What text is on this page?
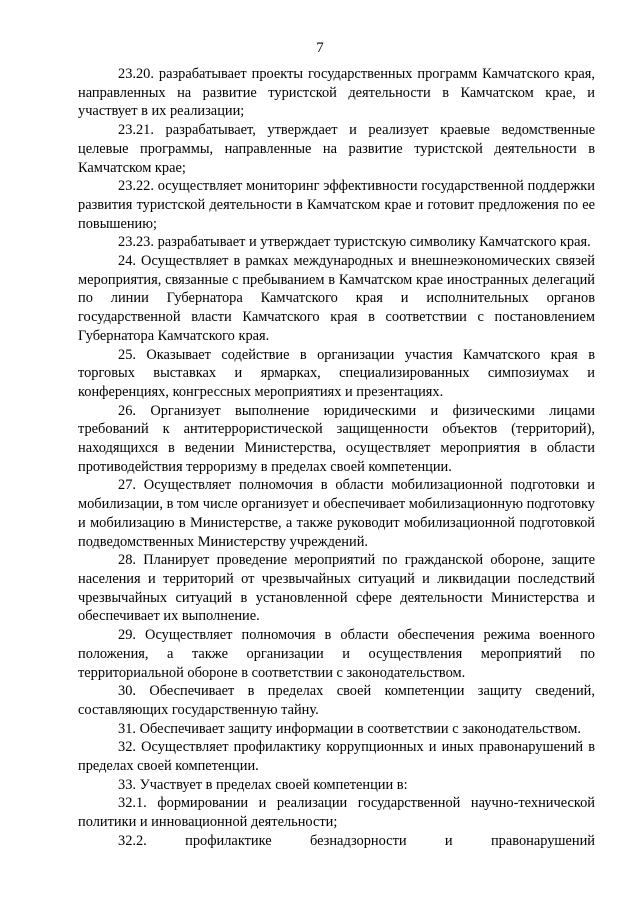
7

23.20. разрабатывает проекты государственных программ Камчатского края, направленных на развитие туристской деятельности в Камчатском крае, и участвует в их реализации;

23.21. разрабатывает, утверждает и реализует краевые ведомственные целевые программы, направленные на развитие туристской деятельности в Камчатском крае;

23.22. осуществляет мониторинг эффективности государственной поддержки развития туристской деятельности в Камчатском крае и готовит предложения по ее повышению;

23.23. разрабатывает и утверждает туристскую символику Камчатского края.

24. Осуществляет в рамках международных и внешнеэкономических связей мероприятия, связанные с пребыванием в Камчатском крае иностранных делегаций по линии Губернатора Камчатского края и исполнительных органов государственной власти Камчатского края в соответствии с постановлением Губернатора Камчатского края.

25. Оказывает содействие в организации участия Камчатского края в торговых выставках и ярмарках, специализированных симпозиумах и конференциях, конгрессных мероприятиях и презентациях.

26. Организует выполнение юридическими и физическими лицами требований к антитеррористической защищенности объектов (территорий), находящихся в ведении Министерства, осуществляет мероприятия в области противодействия терроризму в пределах своей компетенции.

27. Осуществляет полномочия в области мобилизационной подготовки и мобилизации, в том числе организует и обеспечивает мобилизационную подготовку и мобилизацию в Министерстве, а также руководит мобилизационной подготовкой подведомственных Министерству учреждений.

28. Планирует проведение мероприятий по гражданской обороне, защите населения и территорий от чрезвычайных ситуаций и ликвидации последствий чрезвычайных ситуаций в установленной сфере деятельности Министерства и обеспечивает их выполнение.

29. Осуществляет полномочия в области обеспечения режима военного положения, а также организации и осуществления мероприятий по территориальной обороне в соответствии с законодательством.

30. Обеспечивает в пределах своей компетенции защиту сведений, составляющих государственную тайну.

31. Обеспечивает защиту информации в соответствии с законодательством.

32. Осуществляет профилактику коррупционных и иных правонарушений в пределах своей компетенции.

33. Участвует в пределах своей компетенции в:

32.1. формировании и реализации государственной научно-технической политики и инновационной деятельности;

32.2. профилактике безнадзорности и правонарушений
